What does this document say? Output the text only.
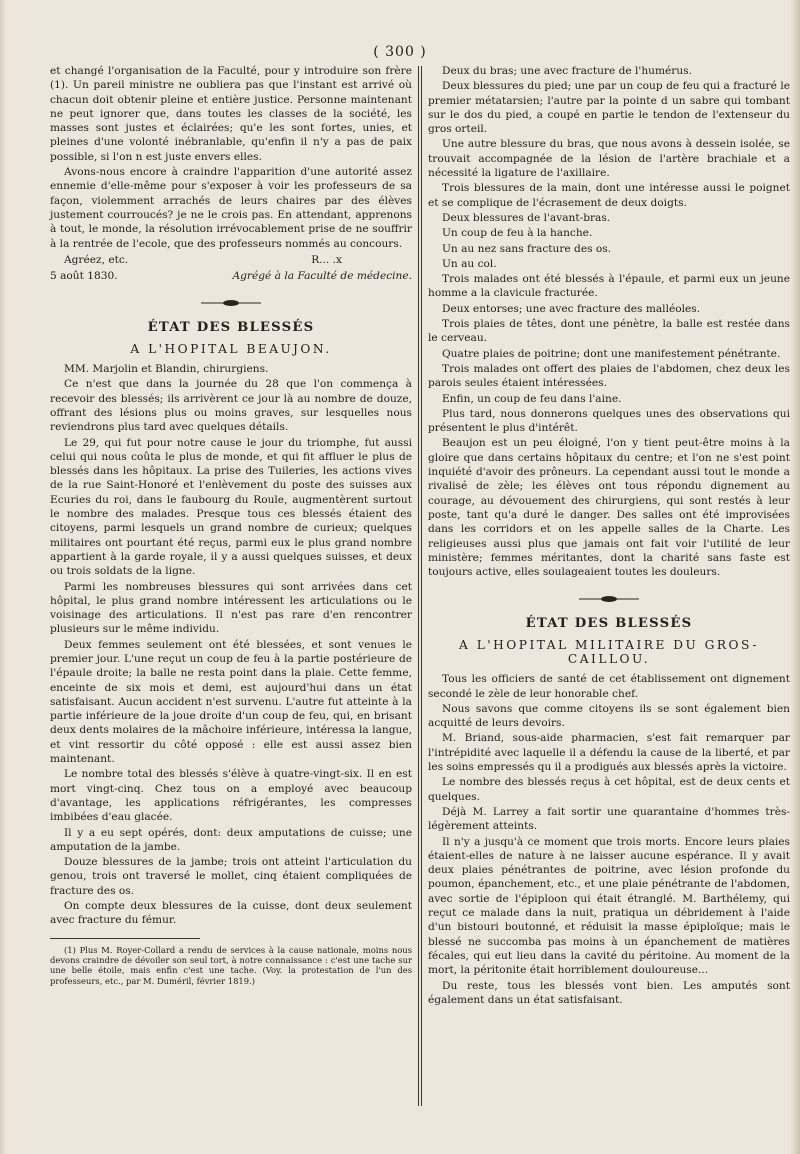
( 300 )

et changé l'organisation de la Faculté, pour y introduire son frère (1). Un pareil ministre ne oubliera pas que l'instant est arrivé où chacun doit obtenir pleine et entière justice. Personne maintenant ne peut ignorer que, dans toutes les classes de la société, les masses sont justes et éclairées; qu'e les sont fortes, unies, et pleines d'une volonté inébranlable, qu'enfin il n'y a pas de paix possible, si l'on n est juste envers elles.

Avons-nous encore à craindre l'apparition d'une autorité assez ennemie d'elle-même pour s'exposer à voir les professeurs de sa façon, violemment arrachés de leurs chaires par des élèves justement courroucés? je ne le crois pas. En attendant, apprenons à tout, le monde, la résolution irrévocablement prise de ne souffrir à la rentrée de l'ecole, que des professeurs nommés au concours.

Agréez, etc.	R... .x
5 août 1830.	Agrégé à la Faculté de médecine.
ÉTAT DES BLESSÉS
A L'HOPITAL BEAUJON.

MM. Marjolin et Blandin, chirurgiens.

Ce n'est que dans la journée du 28 que l'on commença à recevoir des blessés; ils arrivèrent ce jour là au nombre de douze, offrant des lésions plus ou moins graves, sur lesquelles nous reviendrons plus tard avec quelques détails.

Le 29, qui fut pour notre cause le jour du triomphe, fut aussi celui qui nous coûta le plus de monde, et qui fit affluer le plus de blessés dans les hôpitaux. La prise des Tuileries, les actions vives de la rue Saint-Honoré et l'enlèvement du poste des suisses aux Ecuries du roi, dans le faubourg du Roule, augmentèrent surtout le nombre des malades. Presque tous ces blessés étaient des citoyens, parmi lesquels un grand nombre de curieux; quelques militaires ont pourtant été reçus, parmi eux le plus grand nombre appartient à la garde royale, il y a aussi quelques suisses, et deux ou trois soldats de la ligne.

Parmi les nombreuses blessures qui sont arrivées dans cet hôpital, le plus grand nombre intéressent les articulations ou le voisinage des articulations. Il n'est pas rare d'en rencontrer plusieurs sur le même individu.

Deux femmes seulement ont été blessées, et sont venues le premier jour. L'une reçut un coup de feu à la partie postérieure de l'épaule droite; la balle ne resta point dans la plaie. Cette femme, enceinte de six mois et demi, est aujourd'hui dans un état satisfaisant. Aucun accident n'est survenu. L'autre fut atteinte à la partie inférieure de la joue droite d'un coup de feu, qui, en brisant deux dents molaires de la mâchoire inférieure, intéressa la langue, et vint ressortir du côté opposé : elle est aussi assez bien maintenant.

Le nombre total des blessés s'élève à quatre-vingt-six. Il en est mort vingt-cinq. Chez tous on a employé avec beaucoup d'avantage, les applications réfrigérantes, les compresses imbibées d'eau glacée.

Il y a eu sept opérés, dont: deux amputations de cuisse; une amputation de la jambe.

Douze blessures de la jambe; trois ont atteint l'articulation du genou, trois ont traversé le mollet, cinq étaient compliquées de fracture des os.

On compte deux blessures de la cuisse, dont deux seulement avec fracture du fémur.

(1) Plus M. Royer-Collard a rendu de services à la cause nationale, moins nous devons craindre de dévoiler son seul tort, à notre connaissance : c'est une tache sur une belle étoile, mais enfin c'est une tache. (Voy. la protestation de l'un des professeurs, etc., par M. Duméril, février 1819.)

Deux du bras; une avec fracture de l'humérus.

Deux blessures du pied; une par un coup de feu qui a fracturé le premier métatarsien; l'autre par la pointe d un sabre qui tombant sur le dos du pied, a coupé en partie le tendon de l'extenseur du gros orteil.

Une autre blessure du bras, que nous avons à dessein isolée, se trouvait accompagnée de la lésion de l'artère brachiale et a nécessité la ligature de l'axillaire.

Trois blessures de la main, dont une intéresse aussi le poignet et se complique de l'écrasement de deux doigts.

Deux blessures de l'avant-bras.

Un coup de feu à la hanche.

Un au nez sans fracture des os.

Un au col.

Trois malades ont été blessés à l'épaule, et parmi eux un jeune homme a la clavicule fracturée.

Deux entorses; une avec fracture des malléoles.

Trois plaies de têtes, dont une pénètre, la balle est restée dans le cerveau.

Quatre plaies de poitrine; dont une manifestement pénétrante.

Trois malades ont offert des plaies de l'abdomen, chez deux les parois seules étaient intéressées.

Enfin, un coup de feu dans l'aine.

Plus tard, nous donnerons quelques unes des observations qui présentent le plus d'intérêt.

Beaujon est un peu éloigné, l'on y tient peut-être moins à la gloire que dans certains hôpitaux du centre; et l'on ne s'est point inquiété d'avoir des prôneurs. La cependant aussi tout le monde a rivalisé de zèle; les élèves ont tous répondu dignement au courage, au dévouement des chirurgiens, qui sont restés à leur poste, tant qu'a duré le danger. Des salles ont été improvisées dans les corridors et on les appelle salles de la Charte. Les religieuses aussi plus que jamais ont fait voir l'utilité de leur ministère; femmes méritantes, dont la charité sans faste est toujours active, elles soulageaient toutes les douleurs.

ÉTAT DES BLESSÉS
A L'HOPITAL MILITAIRE DU GROS-CAILLOU.

Tous les officiers de santé de cet établissement ont dignement secondé le zèle de leur honorable chef.

Nous savons que comme citoyens ils se sont également bien acquitté de leurs devoirs.

M. Briand, sous-aide pharmacien, s'est fait remarquer par l'intrépidité avec laquelle il a défendu la cause de la liberté, et par les soins empressés qu il a prodigués aux blessés après la victoire.

Le nombre des blessés reçus à cet hôpital, est de deux cents et quelques.

Déjà M. Larrey a fait sortir une quarantaine d'hommes très-légèrement atteints.

Il n'y a jusqu'à ce moment que trois morts. Encore leurs plaies étaient-elles de nature à ne laisser aucune espérance. Il y avait deux plaies pénétrantes de poitrine, avec lésion profonde du poumon, épanchement, etc., et une plaie pénétrante de l'abdomen, avec sortie de l'épiploon qui était étranglé. M. Barthélemy, qui reçut ce malade dans la nuit, pratiqua un débridement à l'aide d'un bistouri boutonné, et réduisit la masse épiploïque; mais le blessé ne succomba pas moins à un épanchement de matières fécales, qui eut lieu dans la cavité du péritoine. Au moment de la mort, la péritonite était horriblement douloureuse...

Du reste, tous les blessés vont bien. Les amputés sont également dans un état satisfaisant.
